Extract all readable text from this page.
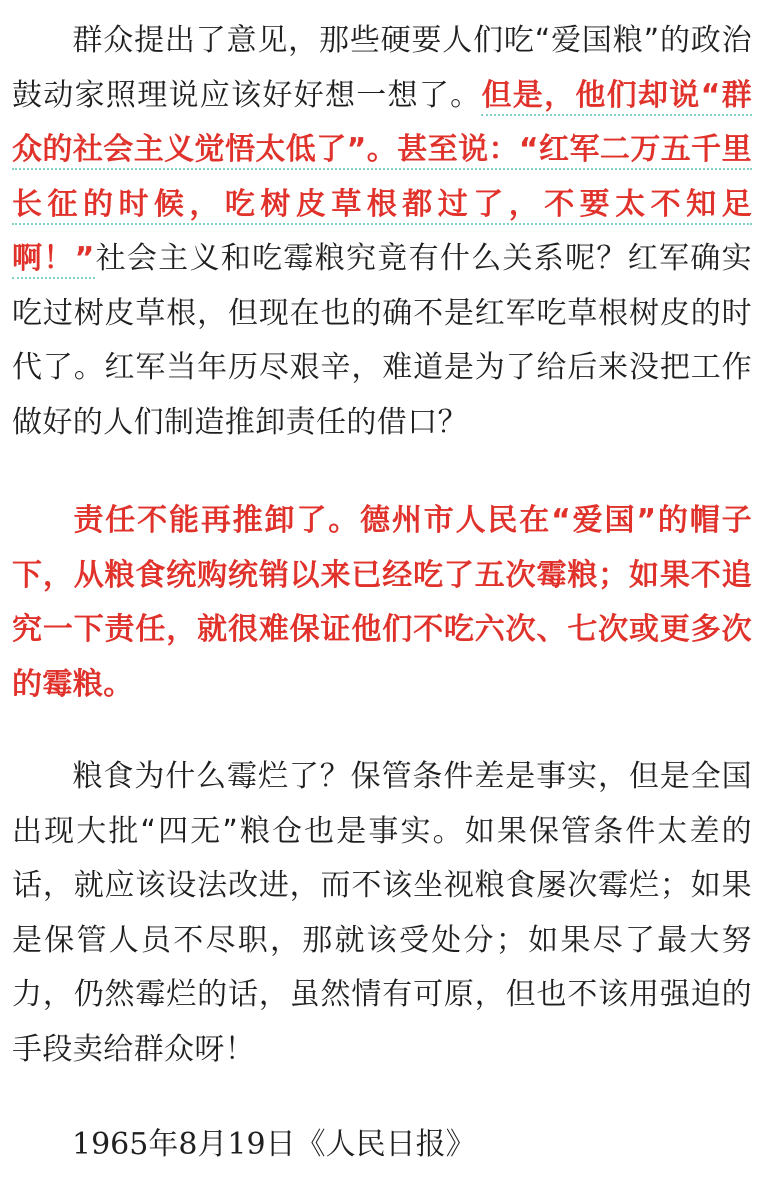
群众提出了意见，那些硬要人们吃“爱国粮”的政治鼓动家照理说应该好好想一想了。但是，他们却说“群众的社会主义觉悟太低了”。甚至说：“红军二万五千里长征的时候，吃树皮草根都过了，不要太不知足啊！”社会主义和吃霉粮究竟有什么关系呢？红军确实吃过树皮草根，但现在也的确不是红军吃草根树皮的时代了。红军当年历尽艰辛，难道是为了给后来没把工作做好的人们制造推卸责任的借口？

责任不能再推卸了。德州市人民在“爱国”的帽子下，从粮食统购统销以来已经吃了五次霉粮；如果不追究一下责任，就很难保证他们不吃六次、七次或更多次的霉粮。

粮食为什么霉烂了？保管条件差是事实，但是全国出现大批“四无”粮仓也是事实。如果保管条件太差的话，就应该设法改进，而不该坐视粮食屡次霉烂；如果是保管人员不尽职，那就该受处分；如果尽了最大努力，仍然霉烂的话，虽然情有可原，但也不该用强迫的手段卖给群众呀！

1965年8月19日《人民日报》
